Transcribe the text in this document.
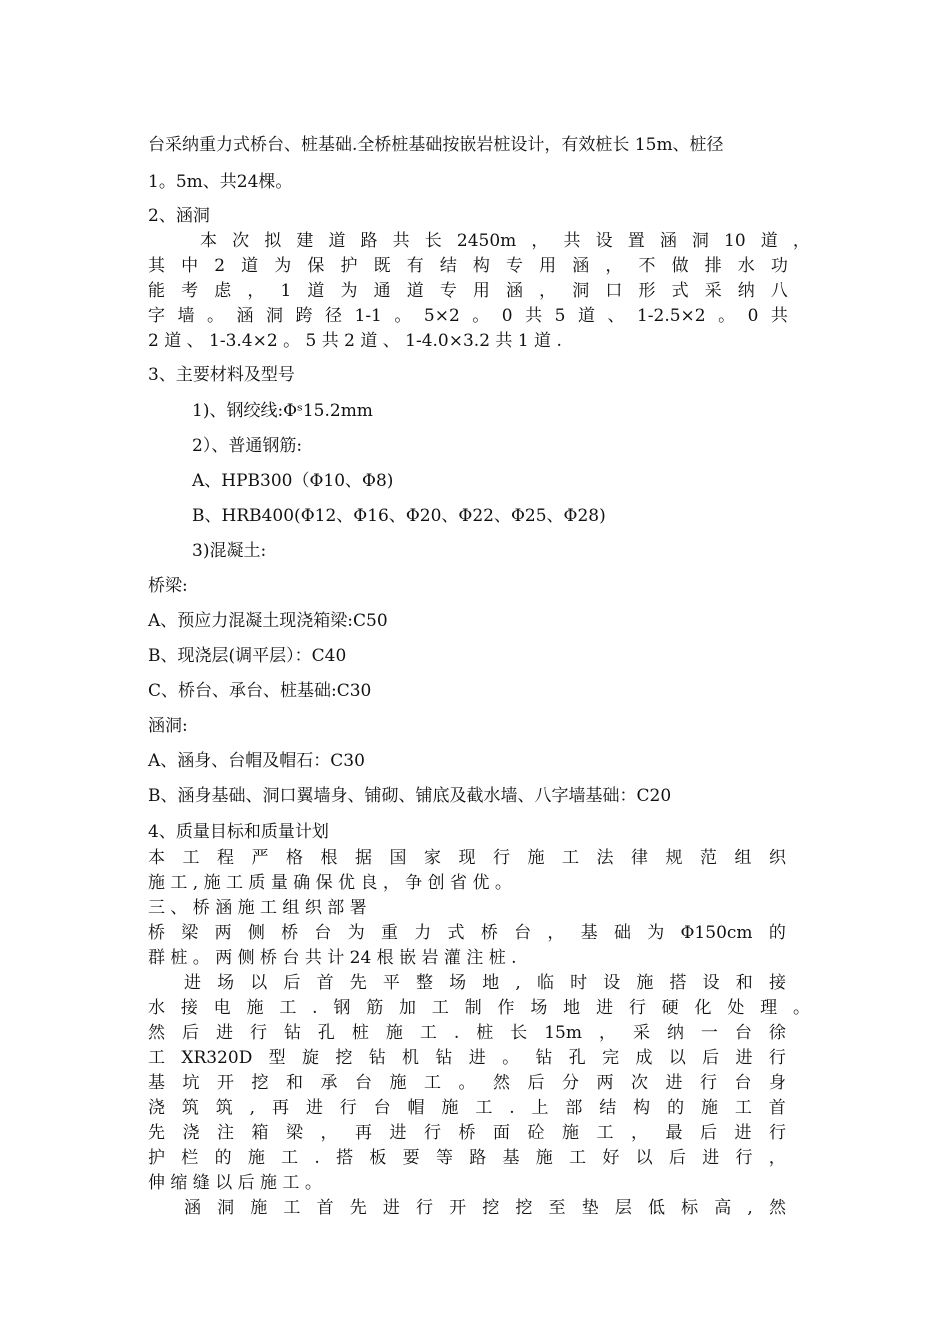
台采纳重力式桥台、桩基础.全桥桩基础按嵌岩桩设计，有效桩长 15m、桩径
1。5m、共24棵。
2、涵洞
本 次 拟 建 道 路 共 长 2450m ， 共 设 置 涵 洞 10 道 ，
其 中 2 道 为 保 护 既 有 结 构 专 用 涵 ， 不 做 排 水 功
能 考 虑 ， 1 道 为 通 道 专 用 涵 ， 洞 口 形 式 采 纳 八
字 墙 。 涵 洞 跨 径 1-1 。 5×2 。 0 共 5 道 、 1-2.5×2 。 0 共
2 道 、 1-3.4×2 。 5 共 2 道 、 1-4.0×3.2 共 1 道 .
3、主要材料及型号
1)、钢绞线:Φˢ15.2mm
2）、普通钢筋:
A、HPB300（Φ10、Φ8)
B、HRB400(Φ12、Φ16、Φ20、Φ22、Φ25、Φ28)
3)混凝土:
桥梁:
A、预应力混凝土现浇箱梁:C50
B、现浇层(调平层）：C40
C、桥台、承台、桩基础:C30
涵洞:
A、涵身、台帽及帽石：C30
B、涵身基础、洞口翼墙身、铺砌、铺底及截水墙、八字墙基础：C20
4、质量目标和质量计划
本 工 程 严 格 根 据 国 家 现 行 施 工 法 律 规 范 组 织
施 工 , 施 工 质 量 确 保 优 良 ， 争 创 省 优 。
三 、 桥 涵 施 工 组 织 部 署
桥 梁 两 侧 桥 台 为 重 力 式 桥 台 ， 基 础 为 Φ150cm 的
群 桩 。 两 侧 桥 台 共 计 24 根 嵌 岩 灌 注 桩 .
进 场 以 后 首 先 平 整 场 地 , 临 时 设 施 搭 设 和 接
水 接 电 施 工 . 钢 筋 加 工 制 作 场 地 进 行 硬 化 处 理 。
然 后 进 行 钻 孔 桩 施 工 . 桩 长 15m ， 采 纳 一 台 徐
工 XR320D 型 旋 挖 钻 机 钻 进 。 钻 孔 完 成 以 后 进 行
基 坑 开 挖 和 承 台 施 工 。 然 后 分 两 次 进 行 台 身
浇 筑 筑 , 再 进 行 台 帽 施 工 . 上 部 结 构 的 施 工 首
先 浇 注 箱 梁 ， 再 进 行 桥 面 砼 施 工 ， 最 后 进 行
护 栏 的 施 工 . 搭 板 要 等 路 基 施 工 好 以 后 进 行 ，
伸 缩 缝 以 后 施 工 。
涵 洞 施 工 首 先 进 行 开 挖 挖 至 垫 层 低 标 高 , 然
